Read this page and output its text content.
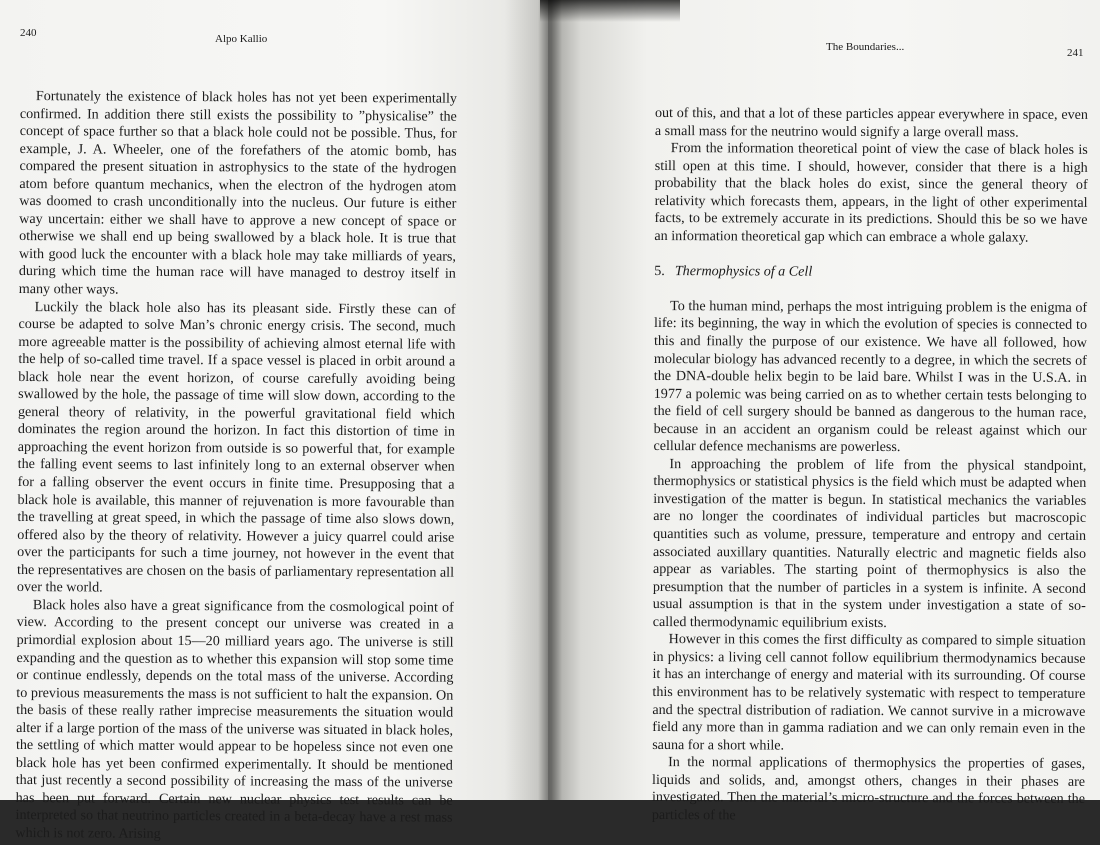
240	Alpo Kallio

Fortunately the existence of black holes has not yet been experimentally confirmed. In addition there still exists the possibility to ”physicalise” the concept of space further so that a black hole could not be possible. Thus, for example, J. A. Wheeler, one of the forefathers of the atomic bomb, has compared the present situation in astrophysics to the state of the hydrogen atom before quantum mechanics, when the electron of the hydrogen atom was doomed to crash unconditionally into the nucleus. Our future is either way uncertain: either we shall have to approve a new concept of space or otherwise we shall end up being swallowed by a black hole. It is true that with good luck the encounter with a black hole may take milliards of years, during which time the human race will have managed to destroy itself in many other ways.

Luckily the black hole also has its pleasant side. Firstly these can of course be adapted to solve Man’s chronic energy crisis. The second, much more agreeable matter is the possibility of achieving almost eternal life with the help of so-called time travel. If a space vessel is placed in orbit around a black hole near the event horizon, of course carefully avoiding being swallowed by the hole, the passage of time will slow down, according to the general theory of relativity, in the powerful gravitational field which dominates the region around the horizon. In fact this distortion of time in approaching the event horizon from outside is so powerful that, for example the falling event seems to last infinitely long to an external observer when for a falling observer the event occurs in finite time. Presupposing that a black hole is available, this manner of rejuvenation is more favourable than the travelling at great speed, in which the passage of time also slows down, offered also by the theory of relativity. However a juicy quarrel could arise over the participants for such a time journey, not however in the event that the representatives are chosen on the basis of parliamentary representation all over the world.

Black holes also have a great significance from the cosmological point of view. According to the present concept our universe was created in a primordial explosion about 15—20 milliard years ago. The universe is still expanding and the question as to whether this expansion will stop some time or continue endlessly, depends on the total mass of the universe. According to previous measurements the mass is not sufficient to halt the expansion. On the basis of these really rather imprecise measurements the situation would alter if a large portion of the mass of the universe was situated in black holes, the settling of which matter would appear to be hopeless since not even one black hole has yet been confirmed experimentally. It should be mentioned that just recently a second possibility of increasing the mass of the universe has been put forward. Certain new nuclear physics test results can be interpreted so that neutrino particles created in a beta-decay have a rest mass which is not zero. Arising

The Boundaries...	241

out of this, and that a lot of these particles appear everywhere in space, even a small mass for the neutrino would signify a large overall mass.

From the information theoretical point of view the case of black holes is still open at this time. I should, however, consider that there is a high probability that the black holes do exist, since the general theory of relativity which forecasts them, appears, in the light of other experimental facts, to be extremely accurate in its predictions. Should this be so we have an information theoretical gap which can embrace a whole galaxy.

5. Thermophysics of a Cell

To the human mind, perhaps the most intriguing problem is the enigma of life: its beginning, the way in which the evolution of species is connected to this and finally the purpose of our existence. We have all followed, how molecular biology has advanced recently to a degree, in which the secrets of the DNA-double helix begin to be laid bare. Whilst I was in the U.S.A. in 1977 a polemic was being carried on as to whether certain tests belonging to the field of cell surgery should be banned as dangerous to the human race, because in an accident an organism could be releast against which our cellular defence mechanisms are powerless.

In approaching the problem of life from the physical standpoint, thermophysics or statistical physics is the field which must be adapted when investigation of the matter is begun. In statistical mechanics the variables are no longer the coordinates of individual particles but macroscopic quantities such as volume, pressure, temperature and entropy and certain associated auxillary quantities. Naturally electric and magnetic fields also appear as variables. The starting point of thermophysics is also the presumption that the number of particles in a system is infinite. A second usual assumption is that in the system under investigation a state of so-called thermodynamic equilibrium exists.

However in this comes the first difficulty as compared to simple situation in physics: a living cell cannot follow equilibrium thermodynamics because it has an interchange of energy and material with its surrounding. Of course this environment has to be relatively systematic with respect to temperature and the spectral distribution of radiation. We cannot survive in a microwave field any more than in gamma radiation and we can only remain even in the sauna for a short while.

In the normal applications of thermophysics the properties of gases, liquids and solids, and, amongst others, changes in their phases are investigated. Then the material’s micro-structure and the forces between the particles of the
